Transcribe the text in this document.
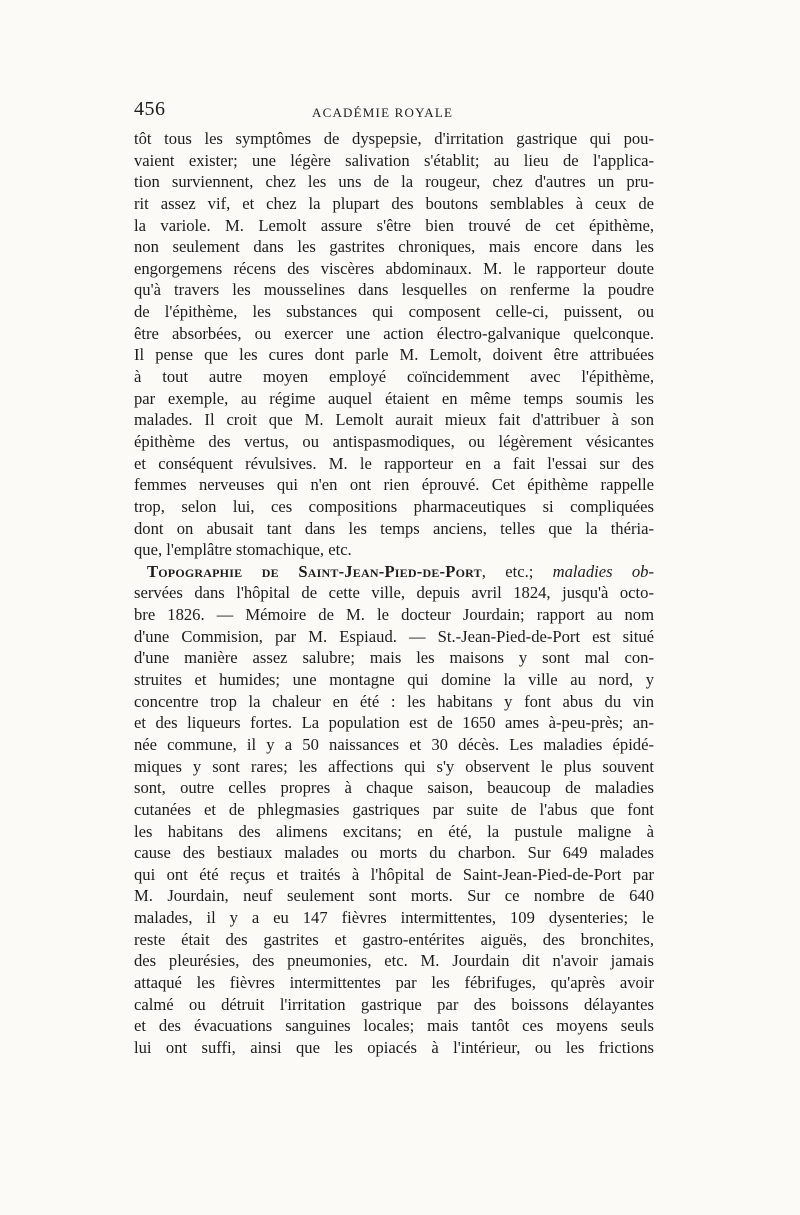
456	ACADÉMIE ROYALE
tôt tous les symptômes de dyspepsie, d'irritation gastrique qui pou-
vaient exister; une légère salivation s'établit; au lieu de l'applica-
tion surviennent, chez les uns de la rougeur, chez d'autres un pru-
rit assez vif, et chez la plupart des boutons semblables à ceux de
la variole. M. Lemolt assure s'être bien trouvé de cet épithème,
non seulement dans les gastrites chroniques, mais encore dans les
engorgemens récens des viscères abdominaux. M. le rapporteur doute
qu'à travers les mousselines dans lesquelles on renferme la poudre
de l'épithème, les substances qui composent celle-ci, puissent, ou
être absorbées, ou exercer une action électro-galvanique quelconque.
Il pense que les cures dont parle M. Lemolt, doivent être attribuées
à tout autre moyen employé coïncidemment avec l'épithème,
par exemple, au régime auquel étaient en même temps soumis les
malades. Il croit que M. Lemolt aurait mieux fait d'attribuer à son
épithème des vertus, ou antispasmodiques, ou légèrement vésicantes
et conséquent révulsives. M. le rapporteur en a fait l'essai sur des
femmes nerveuses qui n'en ont rien éprouvé. Cet épithème rappelle
trop, selon lui, ces compositions pharmaceutiques si compliquées
dont on abusait tant dans les temps anciens, telles que la théria-
que, l'emplâtre stomachique, etc.
Topographie de Saint-Jean-Pied-de-Port, etc.; maladies ob-
servées dans l'hôpital de cette ville, depuis avril 1824, jusqu'à octo-
bre 1826. — Mémoire de M. le docteur Jourdain; rapport au nom
d'une Commision, par M. Espiaud. — St.-Jean-Pied-de-Port est situé
d'une manière assez salubre; mais les maisons y sont mal con-
struites et humides; une montagne qui domine la ville au nord, y
concentre trop la chaleur en été : les habitans y font abus du vin
et des liqueurs fortes. La population est de 1650 ames à-peu-près; an-
née commune, il y a 50 naissances et 30 décès. Les maladies épidé-
miques y sont rares; les affections qui s'y observent le plus souvent
sont, outre celles propres à chaque saison, beaucoup de maladies
cutanées et de phlegmasies gastriques par suite de l'abus que font
les habitans des alimens excitans; en été, la pustule maligne à
cause des bestiaux malades ou morts du charbon. Sur 649 malades
qui ont été reçus et traités à l'hôpital de Saint-Jean-Pied-de-Port par
M. Jourdain, neuf seulement sont morts. Sur ce nombre de 640
malades, il y a eu 147 fièvres intermittentes, 109 dysenteries; le
reste était des gastrites et gastro-entérites aiguës, des bronchites,
des pleurésies, des pneumonies, etc. M. Jourdain dit n'avoir jamais
attaqué les fièvres intermittentes par les fébrifuges, qu'après avoir
calmé ou détruit l'irritation gastrique par des boissons délayantes
et des évacuations sanguines locales; mais tantôt ces moyens seuls
lui ont suffi, ainsi que les opiacés à l'intérieur, ou les frictions
